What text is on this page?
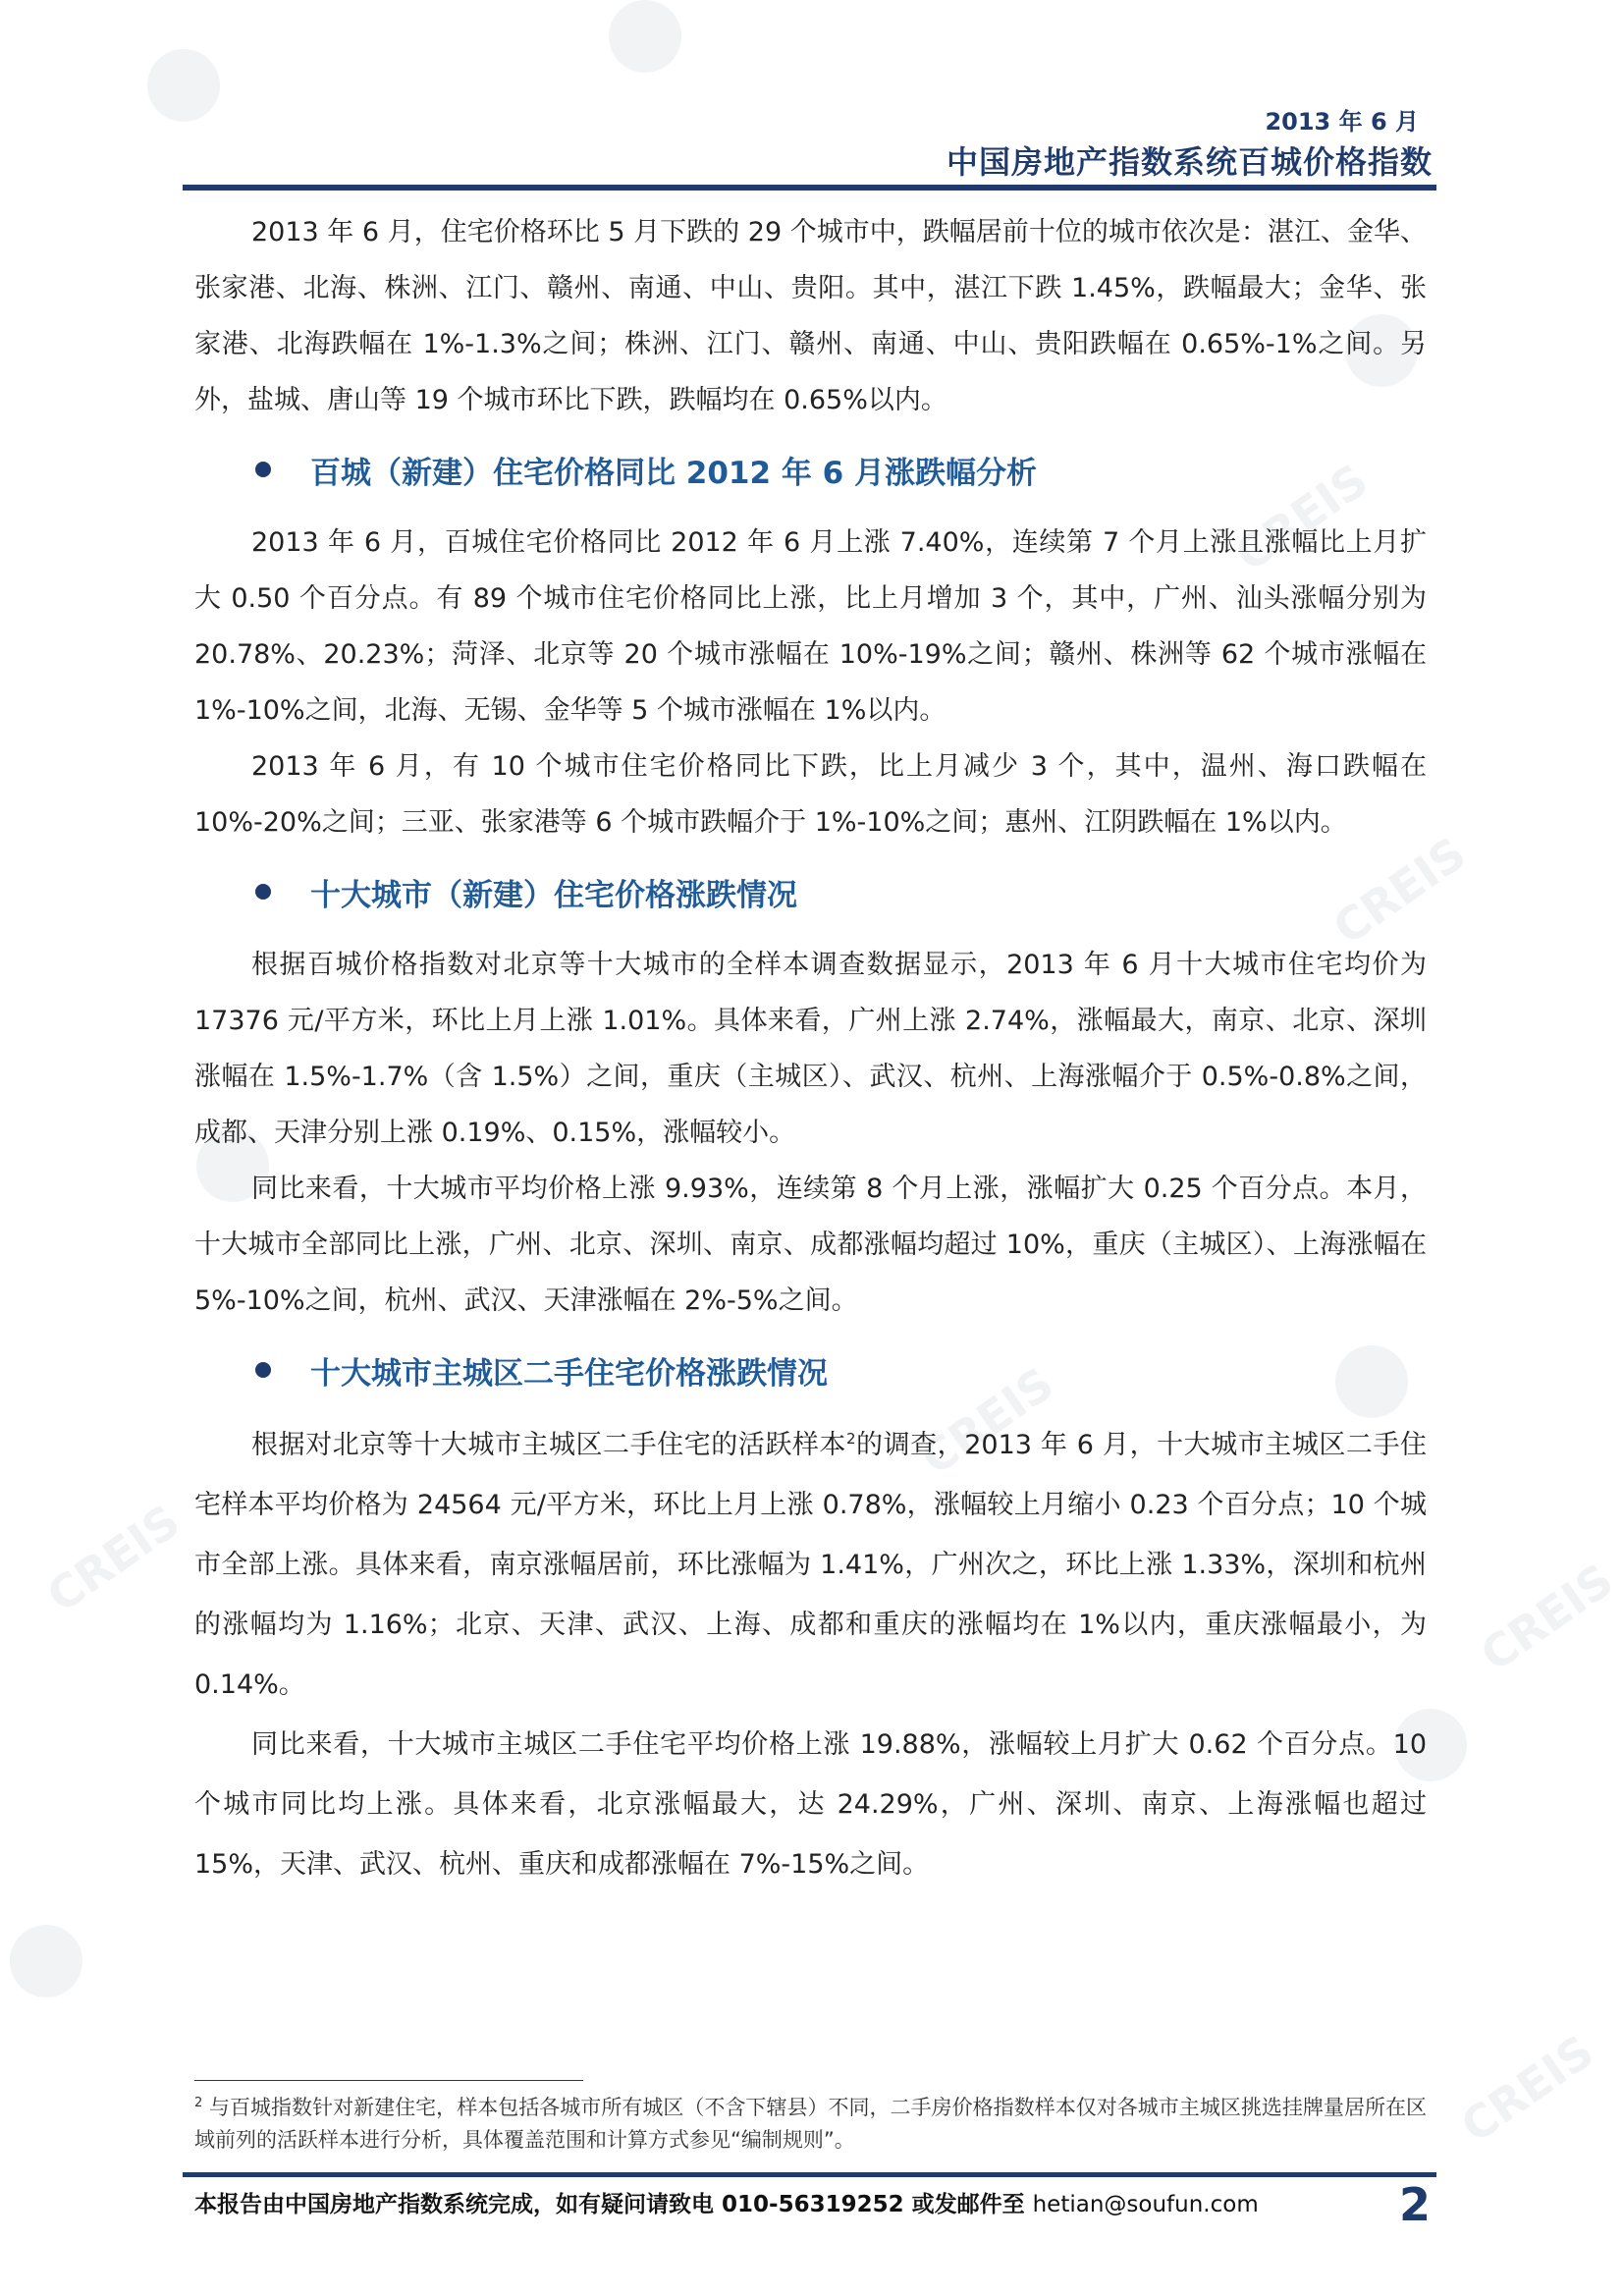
CREIS
CREIS
CREIS
CREIS
CREIS
CREIS
2013 年 6 月
中国房地产指数系统百城价格指数

2013 年 6 月，住宅价格环比 5 月下跌的 29 个城市中，跌幅居前十位的城市依次是：湛江、金华、张家港、北海、株洲、江门、赣州、南通、中山、贵阳。其中，湛江下跌 1.45%，跌幅最大；金华、张家港、北海跌幅在 1%-1.3%之间；株洲、江门、赣州、南通、中山、贵阳跌幅在 0.65%-1%之间。另外，盐城、唐山等 19 个城市环比下跌，跌幅均在 0.65%以内。

百城（新建）住宅价格同比 2012 年 6 月涨跌幅分析

2013 年 6 月，百城住宅价格同比 2012 年 6 月上涨 7.40%，连续第 7 个月上涨且涨幅比上月扩大 0.50 个百分点。有 89 个城市住宅价格同比上涨，比上月增加 3 个，其中，广州、汕头涨幅分别为 20.78%、20.23%；菏泽、北京等 20 个城市涨幅在 10%-19%之间；赣州、株洲等 62 个城市涨幅在 1%-10%之间，北海、无锡、金华等 5 个城市涨幅在 1%以内。

2013 年 6 月，有 10 个城市住宅价格同比下跌，比上月减少 3 个，其中，温州、海口跌幅在 10%-20%之间；三亚、张家港等 6 个城市跌幅介于 1%-10%之间；惠州、江阴跌幅在 1%以内。

十大城市（新建）住宅价格涨跌情况

根据百城价格指数对北京等十大城市的全样本调查数据显示，2013 年 6 月十大城市住宅均价为 17376 元/平方米，环比上月上涨 1.01%。具体来看，广州上涨 2.74%，涨幅最大，南京、北京、深圳涨幅在 1.5%-1.7%（含 1.5%）之间，重庆（主城区）、武汉、杭州、上海涨幅介于 0.5%-0.8%之间，成都、天津分别上涨 0.19%、0.15%，涨幅较小。

同比来看，十大城市平均价格上涨 9.93%，连续第 8 个月上涨，涨幅扩大 0.25 个百分点。本月，十大城市全部同比上涨，广州、北京、深圳、南京、成都涨幅均超过 10%，重庆（主城区）、上海涨幅在 5%-10%之间，杭州、武汉、天津涨幅在 2%-5%之间。

十大城市主城区二手住宅价格涨跌情况

根据对北京等十大城市主城区二手住宅的活跃样本$^2$的调查，2013 年 6 月，十大城市主城区二手住宅样本平均价格为 24564 元/平方米，环比上月上涨 0.78%，涨幅较上月缩小 0.23 个百分点；10 个城市全部上涨。具体来看，南京涨幅居前，环比涨幅为 1.41%，广州次之，环比上涨 1.33%，深圳和杭州的涨幅均为 1.16%；北京、天津、武汉、上海、成都和重庆的涨幅均在 1%以内，重庆涨幅最小，为 0.14%。

同比来看，十大城市主城区二手住宅平均价格上涨 19.88%，涨幅较上月扩大 0.62 个百分点。10 个城市同比均上涨。具体来看，北京涨幅最大，达 24.29%，广州、深圳、南京、上海涨幅也超过 15%，天津、武汉、杭州、重庆和成都涨幅在 7%-15%之间。

$^2$ 与百城指数针对新建住宅，样本包括各城市所有城区（不含下辖县）不同，二手房价格指数样本仅对各城市主城区挑选挂牌量居所在区域前列的活跃样本进行分析，具体覆盖范围和计算方式参见“编制规则”。
本报告由中国房地产指数系统完成，如有疑问请致电 010-56319252 或发邮件至 hetian@soufun.com	2
